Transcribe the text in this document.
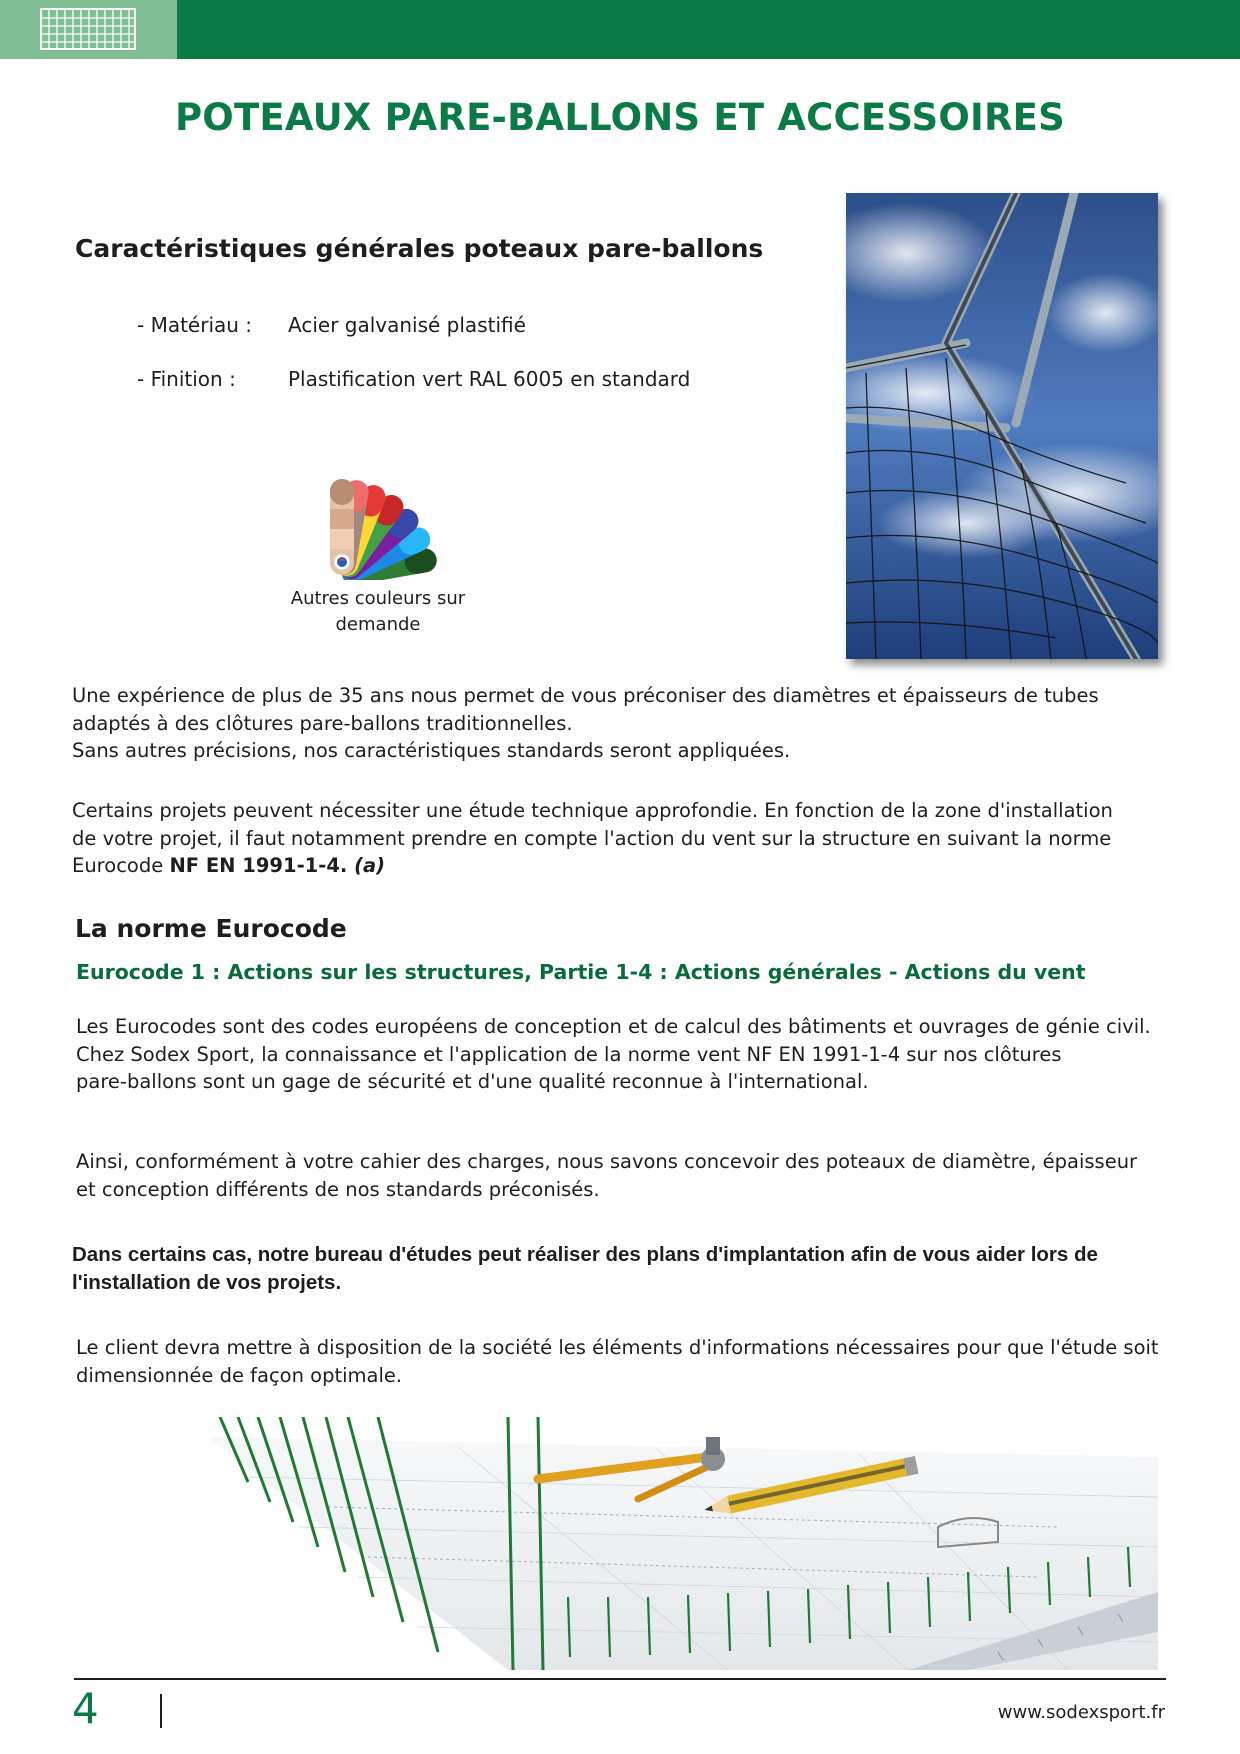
POTEAUX PARE-BALLONS ET ACCESSOIRES
Caractéristiques générales poteaux pare-ballons
- Matériau : Acier galvanisé plastifié
- Finition :	Plastification vert RAL 6005 en standard
Autres couleurs sur
demande
Une expérience de plus de 35 ans nous permet de vous préconiser des diamètres et épaisseurs de tubes
adaptés à des clôtures pare-ballons traditionnelles.
Sans autres précisions, nos caractéristiques standards seront appliquées.
Certains projets peuvent nécessiter une étude technique approfondie. En fonction de la zone d'installation
de votre projet, il faut notamment prendre en compte l'action du vent sur la structure en suivant la norme
Eurocode NF EN 1991-1-4. (a)
La norme Eurocode
Eurocode 1 : Actions sur les structures, Partie 1-4 : Actions générales - Actions du vent
Les Eurocodes sont des codes européens de conception et de calcul des bâtiments et ouvrages de génie civil.
Chez Sodex Sport, la connaissance et l'application de la norme vent NF EN 1991-1-4 sur nos clôtures
pare-ballons sont un gage de sécurité et d'une qualité reconnue à l'international.
Ainsi, conformément à votre cahier des charges, nous savons concevoir des poteaux de diamètre, épaisseur
et conception différents de nos standards préconisés.
Dans certains cas, notre bureau d'études peut réaliser des plans d'implantation afin de vous aider lors de
l'installation de vos projets.
Le client devra mettre à disposition de la société les éléments d'informations nécessaires pour que l'étude soit
dimensionnée de façon optimale.
4	www.sodexsport.fr
